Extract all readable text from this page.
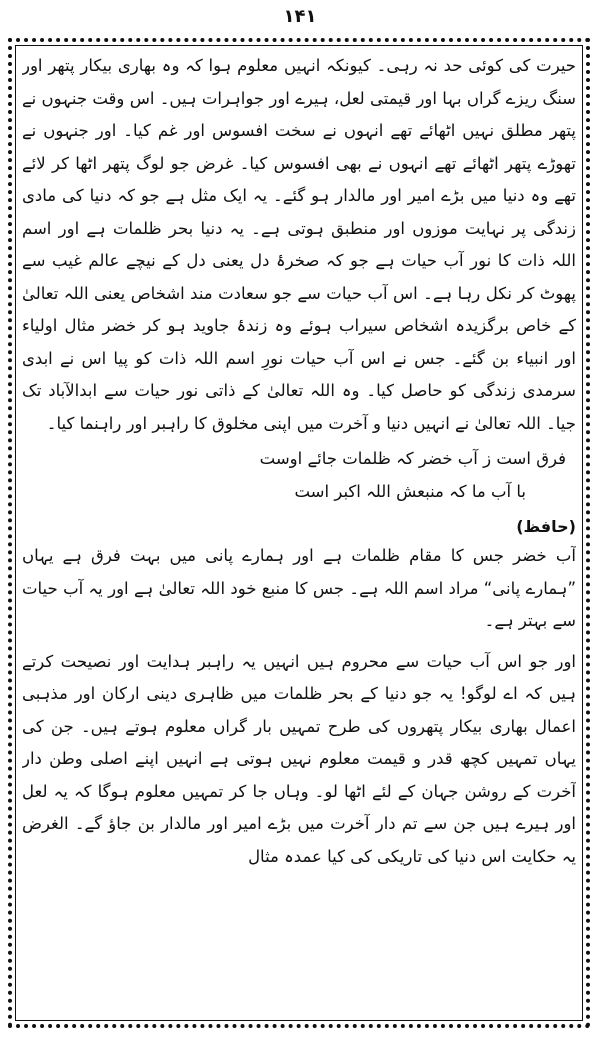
۱۴۱

حیرت کی کوئی حد نہ رہی۔ کیونکہ انہیں معلوم ہوا کہ وہ بھاری بیکار پتھر اور سنگ ریزے گراں بہا اور قیمتی لعل، ہیرے اور جواہرات ہیں۔ اس وقت جنہوں نے پتھر مطلق نہیں اٹھائے تھے انہوں نے سخت افسوس اور غم کیا۔ اور جنہوں نے تھوڑے پتھر اٹھائے تھے انہوں نے بھی افسوس کیا۔ غرض جو لوگ پتھر اٹھا کر لائے تھے وہ دنیا میں بڑے امیر اور مالدار ہو گئے۔ یہ ایک مثل ہے جو کہ دنیا کی مادی زندگی پر نہایت موزوں اور منطبق ہوتی ہے۔ یہ دنیا بحر ظلمات ہے اور اسم اللہ ذات کا نور آب حیات ہے جو کہ صخرۂ دل یعنی دل کے نیچے عالم غیب سے پھوٹ کر نکل رہا ہے۔ اس آب حیات سے جو سعادت مند اشخاص یعنی اللہ تعالیٰ کے خاص برگزیدہ اشخاص سیراب ہوئے وہ زندۂ جاوید ہو کر خضر مثال اولیاء اور انبیاء بن گئے۔ جس نے اس آب حیات نورِ اسم اللہ ذات کو پیا اس نے ابدی سرمدی زندگی کو حاصل کیا۔ وہ اللہ تعالیٰ کے ذاتی نور حیات سے ابدالآباد تک جیا۔ اللہ تعالیٰ نے انہیں دنیا و آخرت میں اپنی مخلوق کا راہبر اور راہنما کیا۔

فرق است ز آب خضر کہ ظلمات جائے اوست
با آب ما کہ منبعش اللہ اکبر است
(حافظ)

آب خضر جس کا مقام ظلمات ہے اور ہمارے پانی میں بہت فرق ہے یہاں ”ہمارے پانی“ مراد اسم اللہ ہے۔ جس کا منبع خود اللہ تعالیٰ ہے اور یہ آب حیات سے بہتر ہے۔

اور جو اس آب حیات سے محروم ہیں انہیں یہ راہبر ہدایت اور نصیحت کرتے ہیں کہ اے لوگو! یہ جو دنیا کے بحر ظلمات میں ظاہری دینی ارکان اور مذہبی اعمال بھاری بیکار پتھروں کی طرح تمہیں بار گراں معلوم ہوتے ہیں۔ جن کی یہاں تمہیں کچھ قدر و قیمت معلوم نہیں ہوتی ہے انہیں اپنے اصلی وطن دار آخرت کے روشن جہان کے لئے اٹھا لو۔ وہاں جا کر تمہیں معلوم ہوگا کہ یہ لعل اور ہیرے ہیں جن سے تم دار آخرت میں بڑے امیر اور مالدار بن جاؤ گے۔ الغرض یہ حکایت اس دنیا کی تاریکی کی کیا عمدہ مثال
